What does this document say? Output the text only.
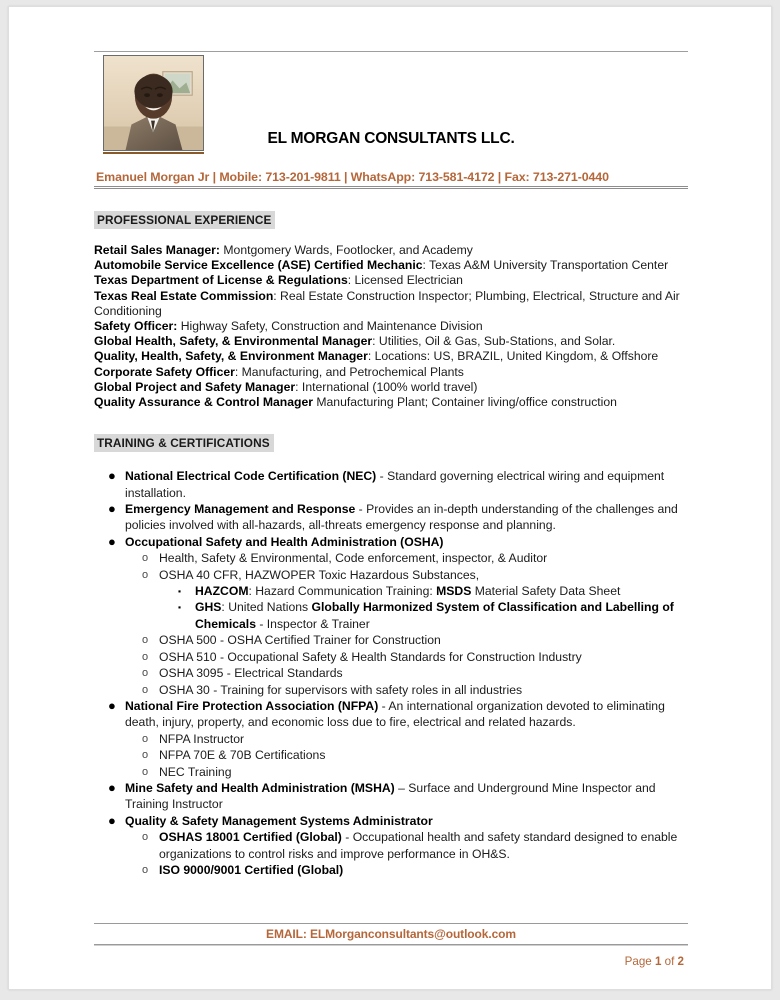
EL MORGAN CONSULTANTS LLC.
Emanuel Morgan Jr | Mobile: 713-201-9811 | WhatsApp: 713-581-4172 | Fax: 713-271-0440
PROFESSIONAL EXPERIENCE
Retail Sales Manager: Montgomery Wards, Footlocker, and Academy
Automobile Service Excellence (ASE) Certified Mechanic: Texas A&M University Transportation Center
Texas Department of License & Regulations: Licensed Electrician
Texas Real Estate Commission: Real Estate Construction Inspector; Plumbing, Electrical, Structure and Air Conditioning
Safety Officer: Highway Safety, Construction and Maintenance Division
Global Health, Safety, & Environmental Manager: Utilities, Oil & Gas, Sub-Stations, and Solar.
Quality, Health, Safety, & Environment Manager: Locations: US, BRAZIL, United Kingdom, & Offshore
Corporate Safety Officer: Manufacturing, and Petrochemical Plants
Global Project and Safety Manager: International (100% world travel)
Quality Assurance & Control Manager Manufacturing Plant; Container living/office construction
TRAINING & CERTIFICATIONS
● National Electrical Code Certification (NEC) - Standard governing electrical wiring and equipment installation.
● Emergency Management and Response - Provides an in-depth understanding of the challenges and policies involved with all-hazards, all-threats emergency response and planning.
● Occupational Safety and Health Administration (OSHA)
o Health, Safety & Environmental, Code enforcement, inspector, & Auditor
o OSHA 40 CFR, HAZWOPER Toxic Hazardous Substances,
▪ HAZCOM: Hazard Communication Training: MSDS Material Safety Data Sheet
▪ GHS: United Nations Globally Harmonized System of Classification and Labelling of Chemicals - Inspector & Trainer
o OSHA 500 - OSHA Certified Trainer for Construction
o OSHA 510 - Occupational Safety & Health Standards for Construction Industry
o OSHA 3095 - Electrical Standards
o OSHA 30 - Training for supervisors with safety roles in all industries
● National Fire Protection Association (NFPA) - An international organization devoted to eliminating death, injury, property, and economic loss due to fire, electrical and related hazards.
o NFPA Instructor
o NFPA 70E & 70B Certifications
o NEC Training
● Mine Safety and Health Administration (MSHA) – Surface and Underground Mine Inspector and Training Instructor
● Quality & Safety Management Systems Administrator
o OSHAS 18001 Certified (Global) - Occupational health and safety standard designed to enable organizations to control risks and improve performance in OH&S.
o ISO 9000/9001 Certified (Global)
EMAIL: ELMorganconsultants@outlook.com
Page 1 of 2
